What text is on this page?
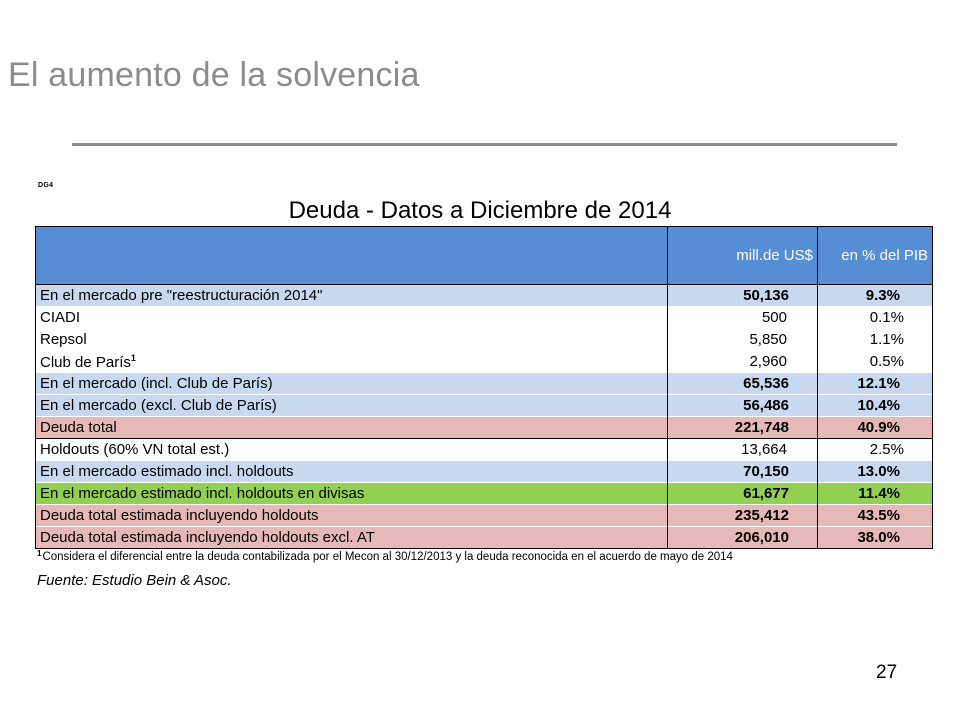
El aumento de la solvencia
DG4
Deuda - Datos a Diciembre de 2014
	mill.de US$	en % del PIB
En el mercado pre "reestructuración 2014"	50,136	9.3%
CIADI	500	0.1%
Repsol	5,850	1.1%
Club de París$^1$	2,960	0.5%
En el mercado (incl. Club de París)	65,536	12.1%
En el mercado (excl. Club de París)	56,486	10.4%
Deuda total	221,748	40.9%
Holdouts (60% VN total est.)	13,664	2.5%
En el mercado estimado incl. holdouts	70,150	13.0%
En el mercado estimado incl. holdouts en divisas	61,677	11.4%
Deuda total estimada incluyendo holdouts	235,412	43.5%
Deuda total estimada incluyendo holdouts excl. AT	206,010	38.0%
$^1$Considera el diferencial entre la deuda contabilizada por el Mecon al 30/12/2013 y la deuda reconocida en el acuerdo de mayo de 2014
Fuente: Estudio Bein & Asoc.
27
